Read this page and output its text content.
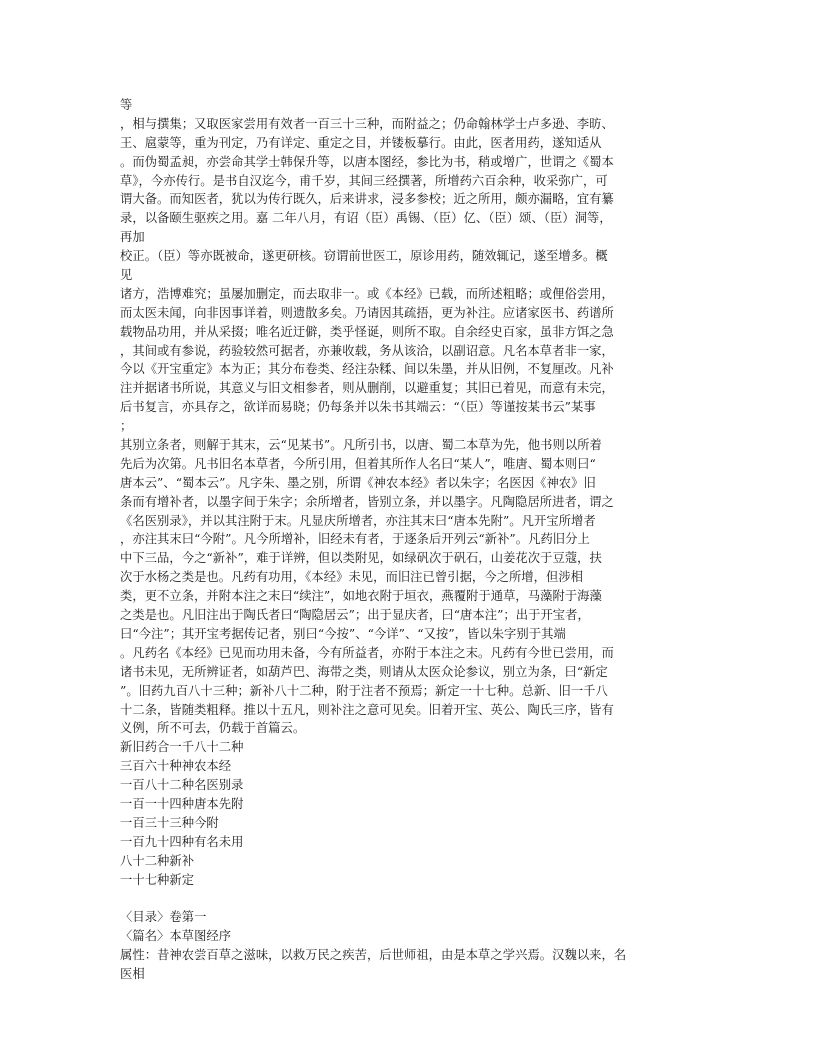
等
，相与撰集；又取医家尝用有效者一百三十三种，而附益之；仍命翰林学士卢多逊、李昉、
王、扈蒙等，重为刊定，乃有详定、重定之目，并镂板摹行。由此，医者用药，遂知适从
。而伪蜀孟昶，亦尝命其学士韩保升等，以唐本图经，参比为书，稍或增广，世谓之《蜀本
草》，今亦传行。是书自汉迄今，甫千岁，其间三经撰著，所增药六百余种，收采弥广，可
谓大备。而知医者，犹以为传行既久，后来讲求，浸多参校；近之所用，颇亦漏略，宜有纂
录，以备颐生驱疾之用。嘉 二年八月，有诏（臣）禹锡、（臣）亿、（臣）颂、（臣）洞等，
再加
校正。（臣）等亦既被命，遂更研核。窃谓前世医工，原诊用药，随效辄记，遂至增多。概
见
诸方，浩博难究；虽屡加删定，而去取非一。或《本经》已载，而所述粗略；或俚俗尝用，
而太医未闻，向非因事详着，则遗散多矣。乃请因其疏捂，更为补注。应诸家医书、药谱所
载物品功用，并从采掇；唯名近迂僻，类乎怪诞，则所不取。自余经史百家，虽非方饵之急
，其间或有参说，药验较然可据者，亦兼收载，务从该洽，以副诏意。凡名本草者非一家，
今以《开宝重定》本为正；其分布卷类、经注杂糅、间以朱墨，并从旧例，不复厘改。凡补
注并据诸书所说，其意义与旧文相参者，则从删削，以避重复；其旧已着见，而意有未完，
后书复言，亦具存之，欲详而易晓；仍每条并以朱书其端云：“（臣）等谨按某书云”某事
；
其别立条者，则解于其末，云“见某书”。凡所引书，以唐、蜀二本草为先，他书则以所着
先后为次第。凡书旧名本草者，今所引用，但着其所作人名曰“某人”，唯唐、蜀本则曰“
唐本云”、“蜀本云”。凡字朱、墨之别，所谓《神农本经》者以朱字；名医因《神农》旧
条而有增补者，以墨字间于朱字；余所增者，皆别立条，并以墨字。凡陶隐居所进者，谓之
《名医别录》，并以其注附于末。凡显庆所增者，亦注其末曰“唐本先附”。凡开宝所增者
，亦注其末曰“今附”。凡今所增补，旧经未有者，于逐条后开列云“新补”。凡药旧分上
中下三品，今之“新补”，难于详辨，但以类附见，如绿矾次于矾石，山姜花次于豆蔻，扶
次于水杨之类是也。凡药有功用，《本经》未见，而旧注已曾引据，今之所增，但涉相
类，更不立条，并附本注之末曰“续注”，如地衣附于垣衣，燕覆附于通草，马藻附于海藻
之类是也。凡旧注出于陶氏者曰“陶隐居云”；出于显庆者，曰“唐本注”；出于开宝者，
曰“今注”；其开宝考据传记者，别曰“今按”、“今详”、“又按”，皆以朱字别于其端
。凡药名《本经》已见而功用未备，今有所益者，亦附于本注之末。凡药有今世已尝用，而
诸书未见，无所辨证者，如葫芦巴、海带之类，则请从太医众论参议，别立为条，曰“新定
”。旧药九百八十三种；新补八十二种，附于注者不预焉；新定一十七种。总新、旧一千八
十二条，皆随类粗释。推以十五凡，则补注之意可见矣。旧着开宝、英公、陶氏三序，皆有
义例，所不可去，仍载于首篇云。
新旧药合一千八十二种
三百六十种神农本经
一百八十二种名医别录
一百一十四种唐本先附
一百三十三种今附
一百九十四种有名未用
八十二种新补
一十七种新定
〈目录〉卷第一
〈篇名〉本草图经序
属性：昔神农尝百草之滋味，以救万民之疾苦，后世师祖，由是本草之学兴焉。汉魏以来，名
医相
